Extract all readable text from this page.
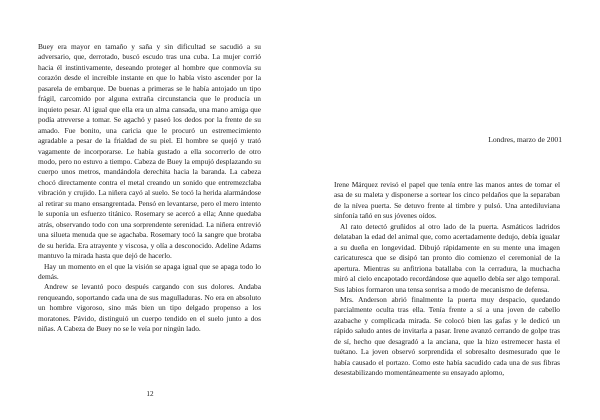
Buey era mayor en tamaño y saña y sin dificultad se sacudió a su adversario, que, derrotado, buscó escudo tras una cuba. La mujer corrió hacia él instintivamente, deseando proteger al hombre que conmovía su corazón desde el increíble instante en que lo había visto ascender por la pasarela de embarque. De buenas a primeras se le había antojado un tipo frágil, carcomido por alguna extraña circunstancia que le producía un inquieto pesar. Al igual que ella era un alma cansada, una mano amiga que podía atreverse a tomar. Se agachó y paseó los dedos por la frente de su amado. Fue bonito, una caricia que le procuró un estremecimiento agradable a pesar de la frialdad de su piel. El hombre se quejó y trató vagamente de incorporarse. Le había gustado a ella socorrerlo de otro modo, pero no estuvo a tiempo. Cabeza de Buey la empujó desplazando su cuerpo unos metros, mandándola derechita hacia la baranda. La cabeza chocó directamente contra el metal creando un sonido que entremezclaba vibración y crujido. La niñera cayó al suelo. Se tocó la herida alarmándose al retirar su mano ensangrentada. Pensó en levantarse, pero el mero intento le suponía un esfuerzo titánico. Rosemary se acercó a ella; Anne quedaba atrás, observando todo con una sorprendente serenidad. La niñera entrevió una silueta menuda que se agachaba. Rosemary tocó la sangre que brotaba de su herida. Era atrayente y viscosa, y olía a desconocido. Adeline Adams mantuvo la mirada hasta que dejó de hacerlo.

Hay un momento en el que la visión se apaga igual que se apaga todo lo demás.

Andrew se levantó poco después cargando con sus dolores. Andaba renqueando, soportando cada una de sus magulladuras. No era en absoluto un hombre vigoroso, sino más bien un tipo delgado propenso a los moratones. Pávido, distinguió un cuerpo tendido en el suelo junto a dos niñas. A Cabeza de Buey no se le veía por ningún lado.

12
Londres, marzo de 2001

Irene Márquez revisó el papel que tenía entre las manos antes de tomar el asa de su maleta y disponerse a sortear los cinco peldaños que la separaban de la nívea puerta. Se detuvo frente al timbre y pulsó. Una antediluviana sinfonía tañó en sus jóvenes oídos.

Al rato detectó gruñidos al otro lado de la puerta. Asmáticos ladridos delataban la edad del animal que, como acertadamente dedujo, debía igualar a su dueña en longevidad. Dibujó rápidamente en su mente una imagen caricaturesca que se disipó tan pronto dio comienzo el ceremonial de la apertura. Mientras su anfitriona batallaba con la cerradura, la muchacha miró al cielo encapotado recordándose que aquello debía ser algo temporal. Sus labios formaron una tensa sonrisa a modo de mecanismo de defensa.

Mrs. Anderson abrió finalmente la puerta muy despacio, quedando parcialmente oculta tras ella. Tenía frente a sí a una joven de cabello azabache y complicada mirada. Se colocó bien las gafas y le dedicó un rápido saludo antes de invitarla a pasar. Irene avanzó cerrando de golpe tras de sí, hecho que desagradó a la anciana, que la hizo estremecer hasta el tuétano. La joven observó sorprendida el sobresalto desmesurado que le había causado el portazo. Como este había sacudido cada una de sus fibras desestabilizando momentáneamente su ensayado aplomo,
